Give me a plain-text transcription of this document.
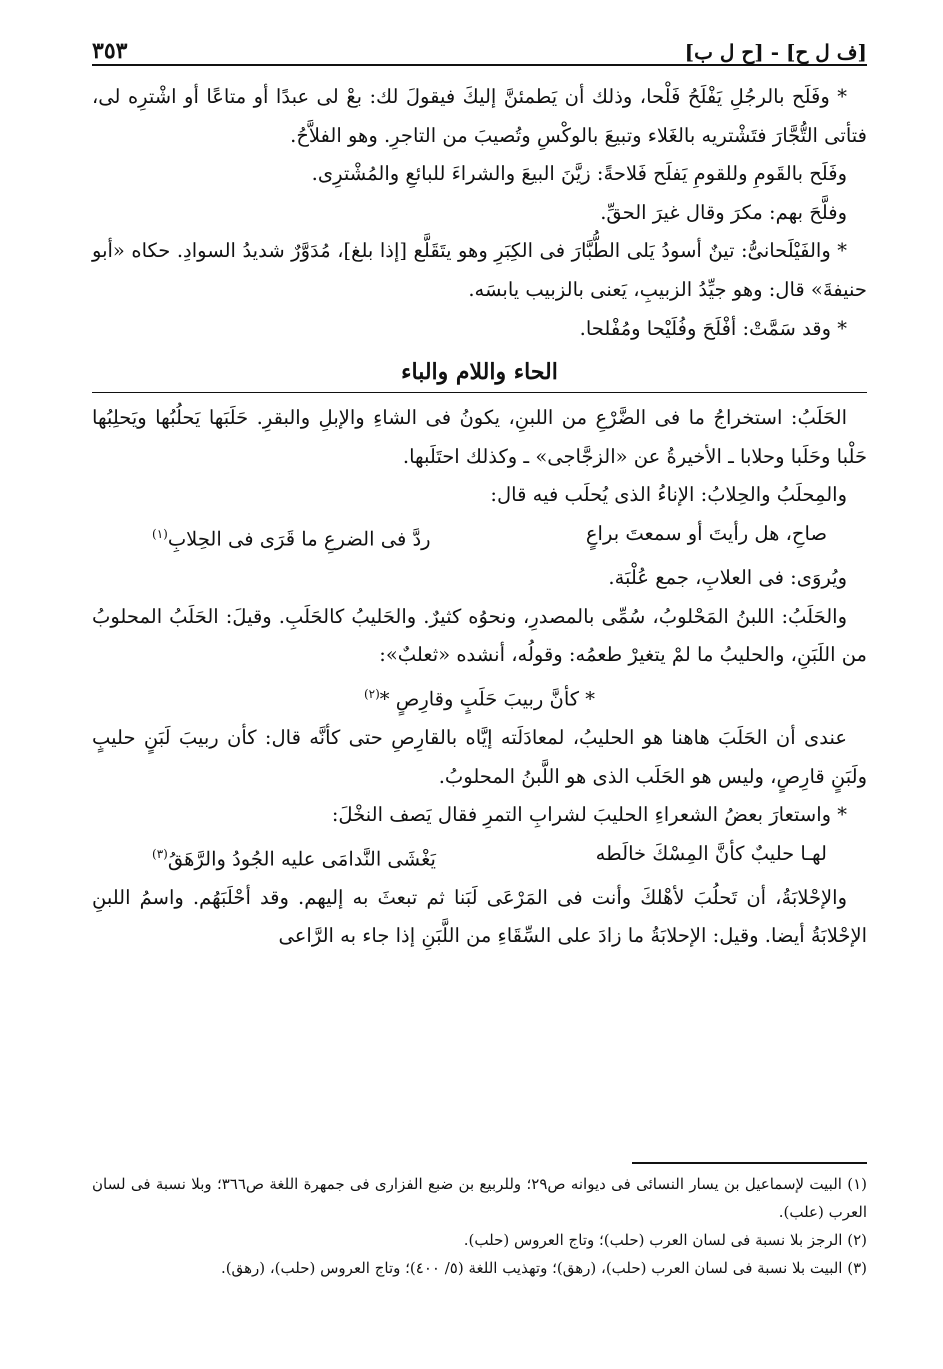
[ف ل ح] - [ح ل ب]
٣٥٣

* وفَلَح بالرجُلِ يَفْلَحُ فَلْحا، وذلك أن يَطمئنَّ إليكَ فيقولَ لك: بعْ لى عبدًا أو متاعًا أو اشْترِه لى، فتأتى التُّجَّارَ فتَشْتريه بالغَلاء وتبيعَ بالوكْسِ وتُصيبَ من التاجرِ. وهو الفلاَّحُ.

وفَلَح بالقَومِ وللقومِ يَفلَح فَلاحةً: زيَّنَ البيعَ والشراءَ للبائعِ والمُشْترِى.

وفلَّحَ بهم: مكرَ وقال غيرَ الحقِّ.

* والفَيْلَحانىُّ: تينٌ أسودُ يَلى الطُّبَّارَ فى الكِبَرِ وهو يتَقَلَّع [إذا بلغ]، مُدَوَّرٌ شديدُ السوادِ. حكاه «أبو حنيفةَ» قال: وهو جيِّدُ الزبيبِ، يَعنى بالزبيب يابسَه.

* وقد سَمَّتْ: أفْلَحَ وفُلَيْحا ومُفْلحا.

الحاء واللام والباء

الحَلَبُ: استخراجُ ما فى الضَّرْعِ من اللبنِ، يكونُ فى الشاءِ والإبلِ والبقرِ. حَلَبَها يَحلُبُها ويَحلِبُها حَلْبا وحَلَبا وحلابا ـ الأخيرةُ عن «الزجَّاجى» ـ وكذلك احتَلَبها.

والمِحلَبُ والحِلابُ: الإناءُ الذى يُحلَب فيه قال:

صاحِ، هل رأيتَ أو سمعتَ براعٍ
ردَّ فى الضرعِ ما قَرَى فى الحِلابِ$^{(١)}$

ويُروَى: فى العلابِ، جمع عُلْبَة.

والحَلَبُ: اللبنُ المَحْلوبُ، سُمِّى بالمصدرِ، ونحوُه كثيرٌ. والحَليبُ كالحَلَبِ. وقيلَ: الحَلَبُ المحلوبُ من اللَبَنِ، والحليبُ ما لمْ يتغيرْ طعمُه: وقولُه، أنشده «ثعلبٌ»:

* كأنَّ ربيبَ حَلَبٍ وقارِصٍ *$^{(٢)}$

عندى أن الحَلَبَ هاهنا هو الحليبُ، لمعادَلَته إيَّاه بالقارِصِ حتى كأنَّه قال: كأن ربيبَ لَبَنٍ حليبٍ ولَبَنٍ قارِصٍ، وليس هو الحَلَب الذى هو اللَّبنُ المحلوبُ.

* واستعارَ بعضُ الشعراءِ الحليبَ لشرابِ التمرِ فقال يَصف النخْلَ:

لهـا حليبٌ كأنَّ المِسْكَ خالَطه
يَغْشَى النَّدامَى عليه الجُودُ والرَّهَقُ$^{(٣)}$

والإحْلابَةُ، أن تَحلُبَ لأهْلكَ وأنت فى المَرْعَى لَبَنا ثم تبعثَ به إليهم. وقد أحْلَبَهُم. واسمُ اللبنِ الإحْلابَةُ أيضا. وقيل: الإحلابَةُ ما زادَ على السِّقَاءِ من اللَّبَنِ إذا جاء به الرَّاعى

(١) البيت لإسماعيل بن يسار النسائى فى ديوانه ص٢٩؛ وللربيع بن ضبع الفزارى فى جمهرة اللغة ص٣٦٦؛ وبلا نسبة فى لسان العرب (علب).

(٢) الرجز بلا نسبة فى لسان العرب (حلب)؛ وتاج العروس (حلب).

(٣) البيت بلا نسبة فى لسان العرب (حلب)، (رهق)؛ وتهذيب اللغة (٥/ ٤٠٠)؛ وتاج العروس (حلب)، (رهق).
